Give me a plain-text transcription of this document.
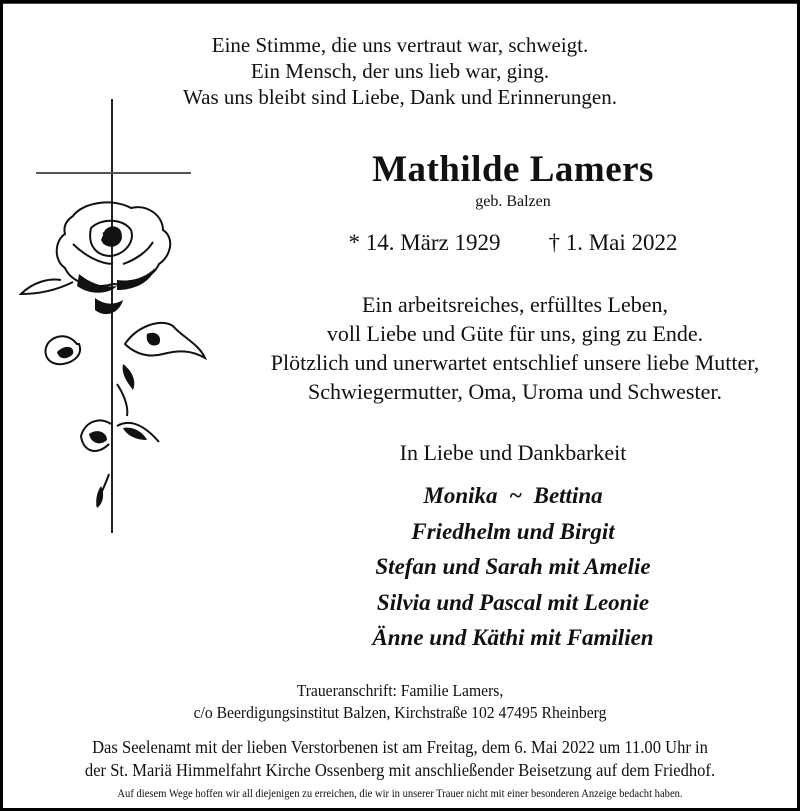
Eine Stimme, die uns vertraut war, schweigt.
Ein Mensch, der uns lieb war, ging.
Was uns bleibt sind Liebe, Dank und Erinnerungen.
Mathilde Lamers
geb. Balzen
* 14. März 1929 † 1. Mai 2022
Ein arbeitsreiches, erfülltes Leben,
voll Liebe und Güte für uns, ging zu Ende.
Plötzlich und unerwartet entschlief unsere liebe Mutter,
Schwiegermutter, Oma, Uroma und Schwester.
In Liebe und Dankbarkeit
Monika  ~  Bettina
Friedhelm und Birgit
Stefan und Sarah mit Amelie
Silvia und Pascal mit Leonie
Änne und Käthi mit Familien
Traueranschrift: Familie Lamers,
c/o Beerdigungsinstitut Balzen, Kirchstraße 102 47495 Rheinberg
Das Seelenamt mit der lieben Verstorbenen ist am Freitag, dem 6. Mai 2022 um 11.00 Uhr in
der St. Mariä Himmelfahrt Kirche Ossenberg mit anschließender Beisetzung auf dem Friedhof.
Auf diesem Wege hoffen wir all diejenigen zu erreichen, die wir in unserer Trauer nicht mit einer besonderen Anzeige bedacht haben.
